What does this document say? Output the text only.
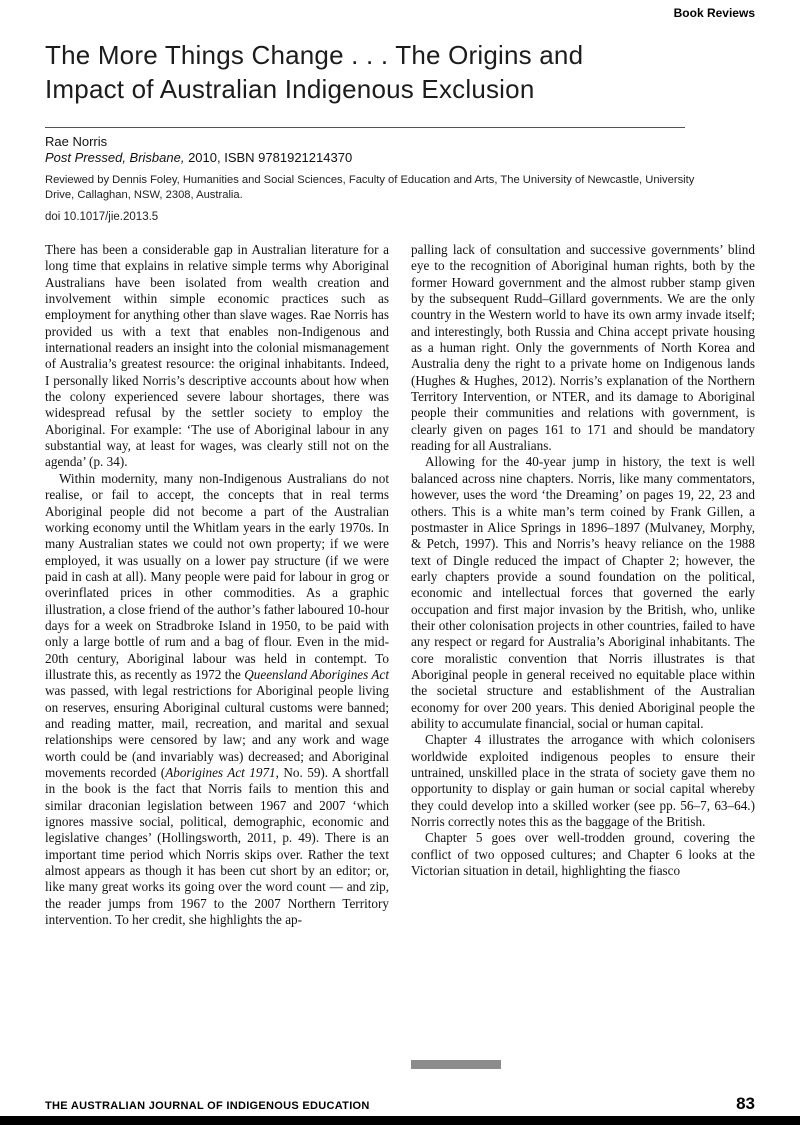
Book Reviews
The More Things Change . . . The Origins and
Impact of Australian Indigenous Exclusion
Rae Norris
Post Pressed, Brisbane, 2010, ISBN 9781921214370
Reviewed by Dennis Foley, Humanities and Social Sciences, Faculty of Education and Arts, The University of Newcastle, University Drive, Callaghan, NSW, 2308, Australia.
doi 10.1017/jie.2013.5

There has been a considerable gap in Australian literature for a long time that explains in relative simple terms why Aboriginal Australians have been isolated from wealth creation and involvement within simple economic practices such as employment for anything other than slave wages. Rae Norris has provided us with a text that enables non-Indigenous and international readers an insight into the colonial mismanagement of Australia’s greatest resource: the original inhabitants. Indeed, I personally liked Norris’s descriptive accounts about how when the colony experienced severe labour shortages, there was widespread refusal by the settler society to employ the Aboriginal. For example: ‘The use of Aboriginal labour in any substantial way, at least for wages, was clearly still not on the agenda’ (p. 34).

Within modernity, many non-Indigenous Australians do not realise, or fail to accept, the concepts that in real terms Aboriginal people did not become a part of the Australian working economy until the Whitlam years in the early 1970s. In many Australian states we could not own property; if we were employed, it was usually on a lower pay structure (if we were paid in cash at all). Many people were paid for labour in grog or overinflated prices in other commodities. As a graphic illustration, a close friend of the author’s father laboured 10-hour days for a week on Stradbroke Island in 1950, to be paid with only a large bottle of rum and a bag of flour. Even in the mid-20th century, Aboriginal labour was held in contempt. To illustrate this, as recently as 1972 the Queensland Aborigines Act was passed, with legal restrictions for Aboriginal people living on reserves, ensuring Aboriginal cultural customs were banned; and reading matter, mail, recreation, and marital and sexual relationships were censored by law; and any work and wage worth could be (and invariably was) decreased; and Aboriginal movements recorded (Aborigines Act 1971, No. 59). A shortfall in the book is the fact that Norris fails to mention this and similar draconian legislation between 1967 and 2007 ‘which ignores massive social, political, demographic, economic and legislative changes’ (Hollingsworth, 2011, p. 49). There is an important time period which Norris skips over. Rather the text almost appears as though it has been cut short by an editor; or, like many great works its going over the word count — and zip, the reader jumps from 1967 to the 2007 Northern Territory intervention. To her credit, she highlights the ap-

palling lack of consultation and successive governments’ blind eye to the recognition of Aboriginal human rights, both by the former Howard government and the almost rubber stamp given by the subsequent Rudd–Gillard governments. We are the only country in the Western world to have its own army invade itself; and interestingly, both Russia and China accept private housing as a human right. Only the governments of North Korea and Australia deny the right to a private home on Indigenous lands (Hughes & Hughes, 2012). Norris’s explanation of the Northern Territory Intervention, or NTER, and its damage to Aboriginal people their communities and relations with government, is clearly given on pages 161 to 171 and should be mandatory reading for all Australians.

Allowing for the 40-year jump in history, the text is well balanced across nine chapters. Norris, like many commentators, however, uses the word ‘the Dreaming’ on pages 19, 22, 23 and others. This is a white man’s term coined by Frank Gillen, a postmaster in Alice Springs in 1896–1897 (Mulvaney, Morphy, & Petch, 1997). This and Norris’s heavy reliance on the 1988 text of Dingle reduced the impact of Chapter 2; however, the early chapters provide a sound foundation on the political, economic and intellectual forces that governed the early occupation and first major invasion by the British, who, unlike their other colonisation projects in other countries, failed to have any respect or regard for Australia’s Aboriginal inhabitants. The core moralistic convention that Norris illustrates is that Aboriginal people in general received no equitable place within the societal structure and establishment of the Australian economy for over 200 years. This denied Aboriginal people the ability to accumulate financial, social or human capital.

Chapter 4 illustrates the arrogance with which colonisers worldwide exploited indigenous peoples to ensure their untrained, unskilled place in the strata of society gave them no opportunity to display or gain human or social capital whereby they could develop into a skilled worker (see pp. 56–7, 63–64.) Norris correctly notes this as the baggage of the British.

Chapter 5 goes over well-trodden ground, covering the conflict of two opposed cultures; and Chapter 6 looks at the Victorian situation in detail, highlighting the fiasco

THE AUSTRALIAN JOURNAL OF INDIGENOUS EDUCATION	83
